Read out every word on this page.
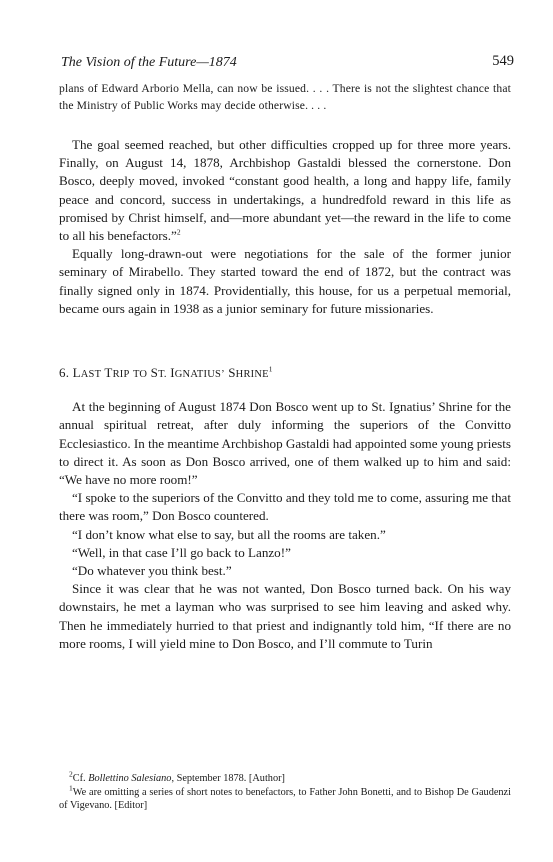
The Vision of the Future—1874	549

plans of Edward Arborio Mella, can now be issued. . . . There is not the slightest chance that the Ministry of Public Works may decide otherwise. . . .

The goal seemed reached, but other difficulties cropped up for three more years. Finally, on August 14, 1878, Archbishop Gastaldi blessed the cornerstone. Don Bosco, deeply moved, invoked “constant good health, a long and happy life, family peace and concord, success in undertakings, a hundredfold reward in this life as promised by Christ himself, and—more abundant yet—the reward in the life to come to all his benefactors.”$^2$

Equally long-drawn-out were negotiations for the sale of the former junior seminary of Mirabello. They started toward the end of 1872, but the contract was finally signed only in 1874. Providentially, this house, for us a perpetual memorial, became ours again in 1938 as a junior seminary for future missionaries.

6. LAST TRIP TO ST. IGNATIUS’ SHRINE$^1$

At the beginning of August 1874 Don Bosco went up to St. Ignatius’ Shrine for the annual spiritual retreat, after duly informing the superiors of the Convitto Ecclesiastico. In the meantime Archbishop Gastaldi had appointed some young priests to direct it. As soon as Don Bosco arrived, one of them walked up to him and said: “We have no more room!”

“I spoke to the superiors of the Convitto and they told me to come, assuring me that there was room,” Don Bosco countered.

“I don’t know what else to say, but all the rooms are taken.”

“Well, in that case I’ll go back to Lanzo!”

“Do whatever you think best.”

Since it was clear that he was not wanted, Don Bosco turned back. On his way downstairs, he met a layman who was surprised to see him leaving and asked why. Then he immediately hurried to that priest and indignantly told him, “If there are no more rooms, I will yield mine to Don Bosco, and I’ll commute to Turin

$^2$Cf. Bollettino Salesiano, September 1878. [Author]

$^1$We are omitting a series of short notes to benefactors, to Father John Bonetti, and to Bishop De Gaudenzi of Vigevano. [Editor]
